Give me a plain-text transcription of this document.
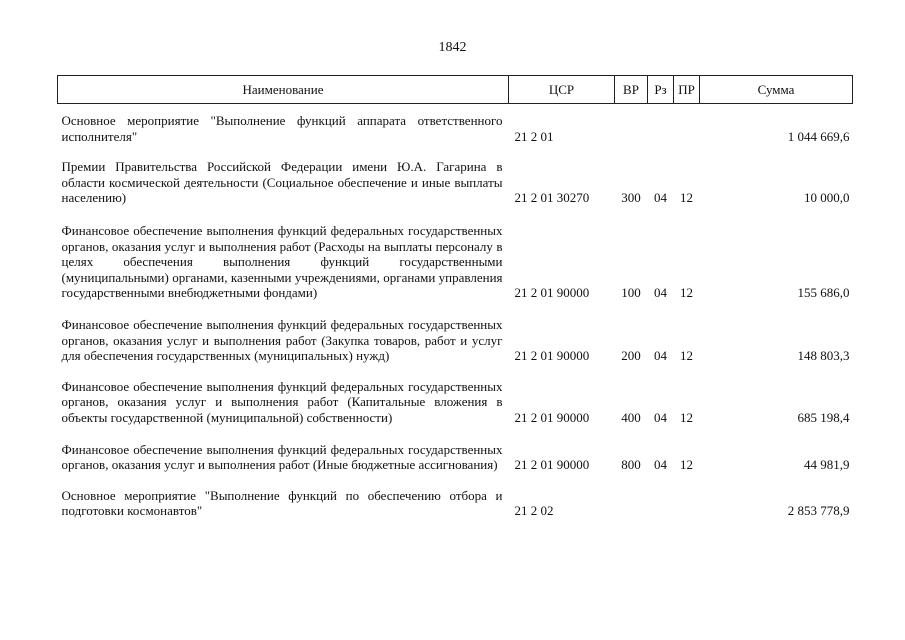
1842
Наименование	ЦСР	ВР	Рз	ПР	Сумма
Основное мероприятие "Выполнение функций аппарата ответственного исполнителя"	21 2 01				1 044 669,6
Премии Правительства Российской Федерации имени Ю.А. Гагарина в области космической деятельности (Социальное обеспечение и иные выплаты населению)	21 2 01 30270	300	04	12	10 000,0
Финансовое обеспечение выполнения функций федеральных государственных органов, оказания услуг и выполнения работ (Расходы на выплаты персоналу в целях обеспечения выполнения функций государственными (муниципальными) органами, казенными учреждениями, органами управления государственными внебюджетными фондами)	21 2 01 90000	100	04	12	155 686,0
Финансовое обеспечение выполнения функций федеральных государственных органов, оказания услуг и выполнения работ (Закупка товаров, работ и услуг для обеспечения государственных (муниципальных) нужд)	21 2 01 90000	200	04	12	148 803,3
Финансовое обеспечение выполнения функций федеральных государственных органов, оказания услуг и выполнения работ (Капитальные вложения в объекты государственной (муниципальной) собственности)	21 2 01 90000	400	04	12	685 198,4
Финансовое обеспечение выполнения функций федеральных государственных органов, оказания услуг и выполнения работ (Иные бюджетные ассигнования)	21 2 01 90000	800	04	12	44 981,9
Основное мероприятие "Выполнение функций по обеспечению отбора и подготовки космонавтов"	21 2 02				2 853 778,9
